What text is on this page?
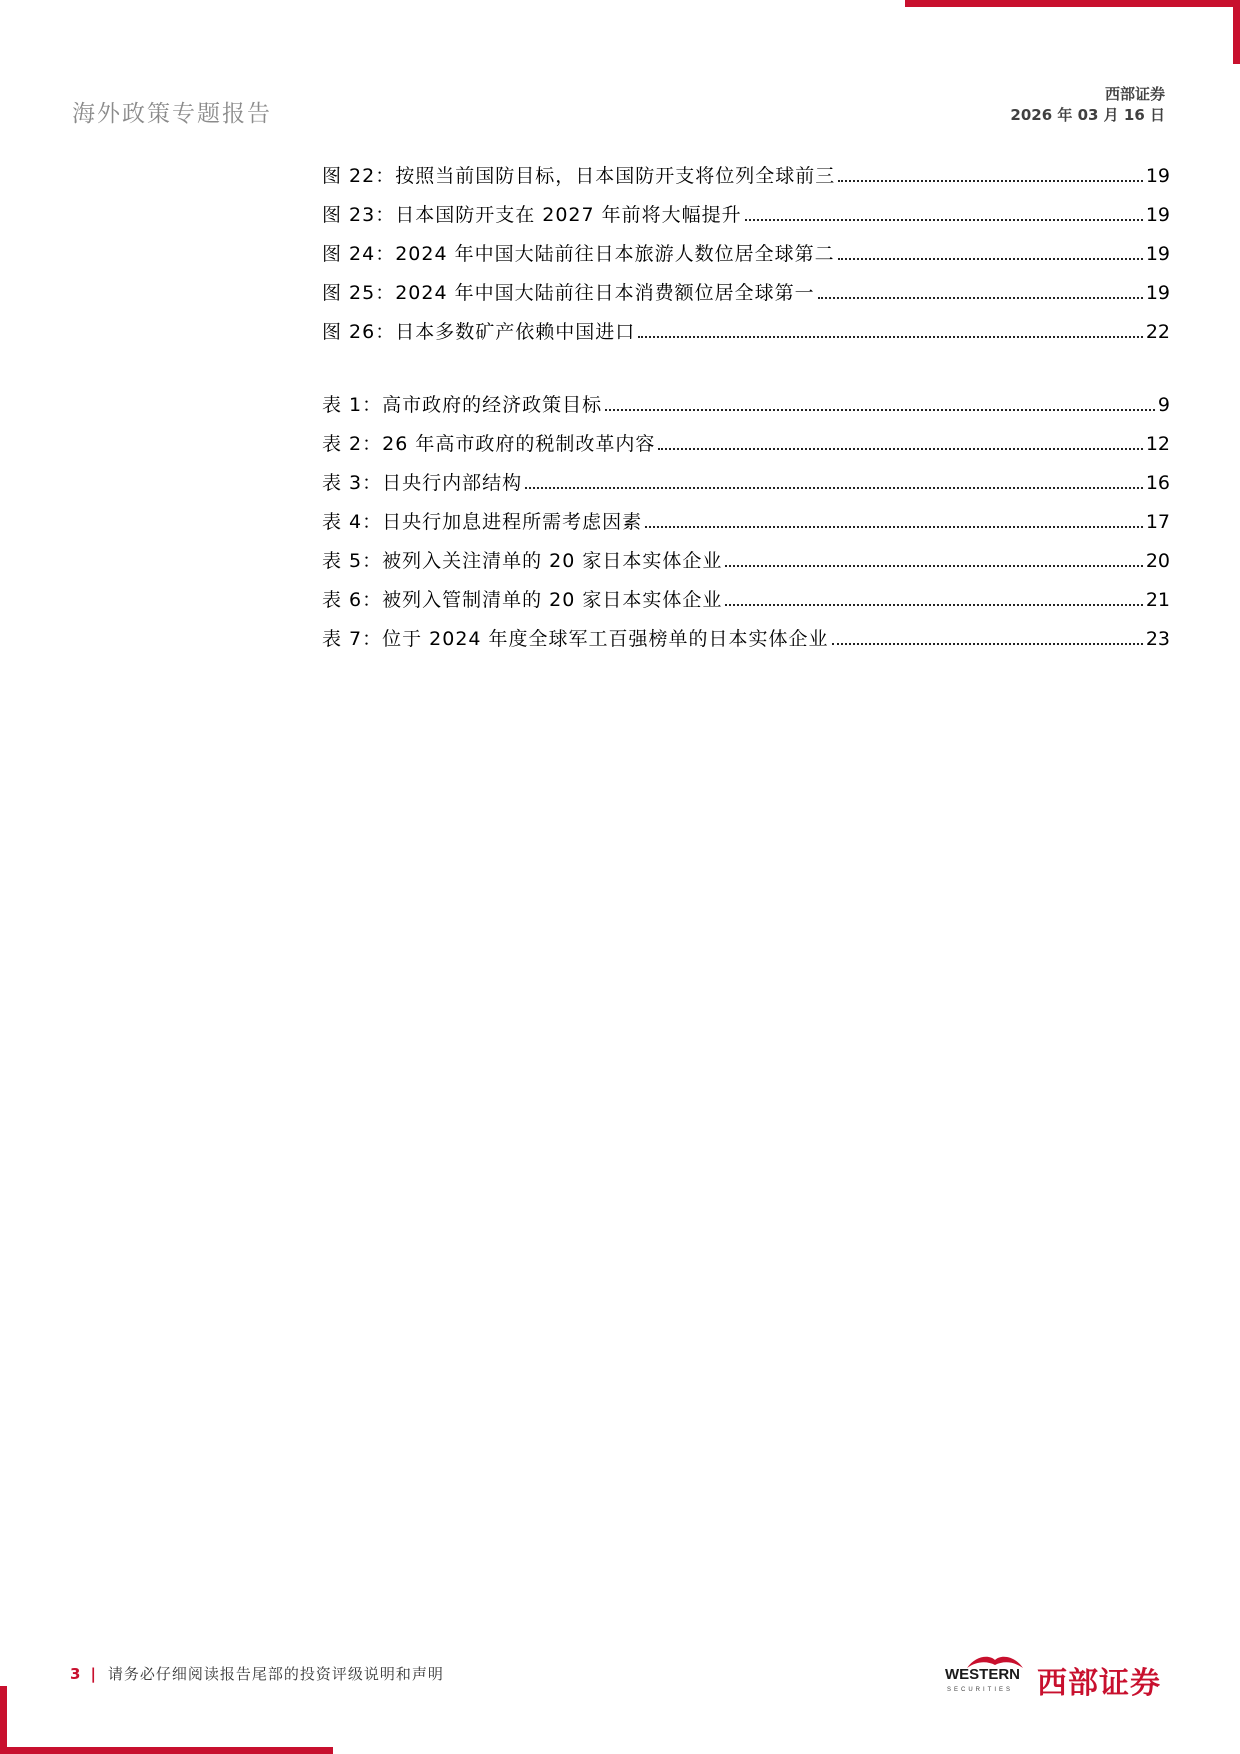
海外政策专题报告
西部证券
2026 年 03 月 16 日
图 22：按照当前国防目标，日本国防开支将位列全球前三	19
图 23：日本国防开支在 2027 年前将大幅提升	19
图 24：2024 年中国大陆前往日本旅游人数位居全球第二	19
图 25：2024 年中国大陆前往日本消费额位居全球第一	19
图 26：日本多数矿产依赖中国进口	22
表 1：高市政府的经济政策目标	9
表 2：26 年高市政府的税制改革内容	12
表 3：日央行内部结构	16
表 4：日央行加息进程所需考虑因素	17
表 5：被列入关注清单的 20 家日本实体企业	20
表 6：被列入管制清单的 20 家日本实体企业	21
表 7：位于 2024 年度全球军工百强榜单的日本实体企业	23
3 | 请务必仔细阅读报告尾部的投资评级说明和声明	WESTERN
SECURITIES 西部证券
